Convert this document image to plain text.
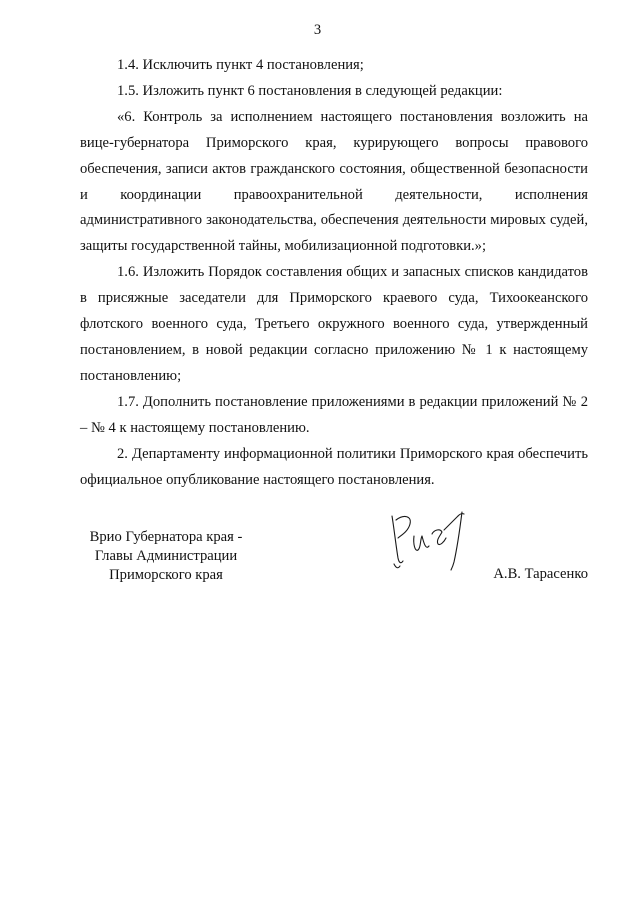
3

1.4. Исключить пункт 4 постановления;

1.5. Изложить пункт 6 постановления в следующей редакции:

«6. Контроль за исполнением настоящего постановления возложить на вице-губернатора Приморского края, курирующего вопросы правового обеспечения, записи актов гражданского состояния, общественной безопасности и координации правоохранительной деятельности, исполнения административного законодательства, обеспечения деятельности мировых судей, защиты государственной тайны, мобилизационной подготовки.»;

1.6. Изложить Порядок составления общих и запасных списков кандидатов в присяжные заседатели для Приморского краевого суда, Тихоокеанского флотского военного суда, Третьего окружного военного суда, утвержденный постановлением, в новой редакции согласно приложению № 1 к настоящему постановлению;

1.7. Дополнить постановление приложениями в редакции приложений № 2 – № 4 к настоящему постановлению.

2. Департаменту информационной политики Приморского края обеспечить официальное опубликование настоящего постановления.

Врио Губернатора края -
Главы Администрации
Приморского края	А.В. Тарасенко
